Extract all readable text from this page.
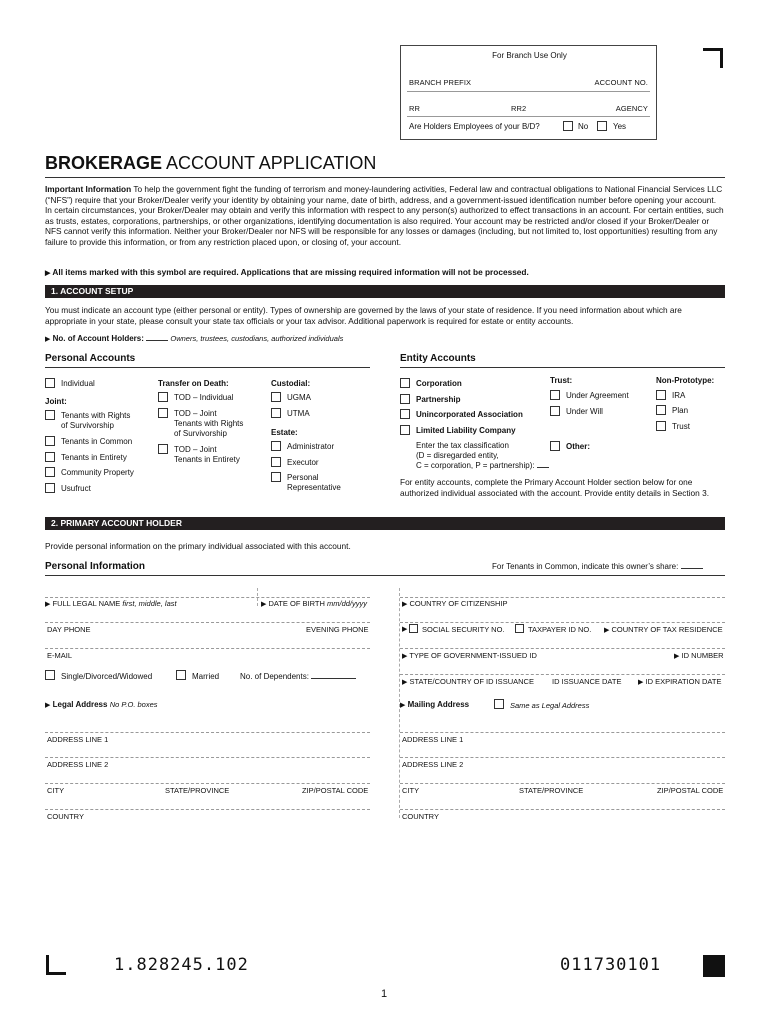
For Branch Use Only
BRANCH PREFIX	ACCOUNT NO.
RR	RR2	AGENCY
Are Holders Employees of your B/D?	No	Yes
BROKERAGE ACCOUNT APPLICATION
Important Information To help the government fight the funding of terrorism and money-laundering activities, Federal law and contractual obligations to National Financial Services LLC (“NFS”) require that your Broker/Dealer verify your identity by obtaining your name, date of birth, address, and a government-issued identification number before opening your account. In certain circumstances, your Broker/Dealer may obtain and verify this information with respect to any person(s) authorized to effect transactions in an account. For certain entities, such as trusts, estates, corporations, partnerships, or other organizations, identifying documentation is also required. Your account may be restricted and/or closed if your Broker/Dealer or NFS cannot verify this information. Neither your Broker/Dealer nor NFS will be responsible for any losses or damages (including, but not limited to, lost opportunities) resulting from any failure to provide this information, or from any restriction placed upon, or closing of, your account.
▶ All items marked with this symbol are required. Applications that are missing required information will not be processed.
1. ACCOUNT SETUP
You must indicate an account type (either personal or entity). Types of ownership are governed by the laws of your state of residence. If you need information about which are appropriate in your state, please consult your state tax officials or your tax advisor. Additional paperwork is required for estate or entity accounts.
▶ No. of Account Holders:	Owners, trustees, custodians, authorized individuals
Personal Accounts	Entity Accounts
Individual
Joint:
Tenants with Rights
of Survivorship
Tenants in Common
Tenants in Entirety
Community Property
Usufruct
Transfer on Death:
TOD – Individual
TOD – Joint
Tenants with Rights
of Survivorship
TOD – Joint
Tenants in Entirety
Custodial:
UGMA
UTMA
Estate:
Administrator
Executor
Personal
Representative
Corporation
Partnership
Unincorporated Association
Limited Liability Company
Enter the tax classification
(D = disregarded entity,
C = corporation, P = partnership):
Trust:
Under Agreement
Under Will
Other:
Non-Prototype:
IRA
Plan
Trust
For entity accounts, complete the Primary Account Holder section below for one authorized individual associated with the account. Provide entity details in Section 3.
2. PRIMARY ACCOUNT HOLDER
Provide personal information on the primary individual associated with this account.
Personal Information	For Tenants in Common, indicate this owner’s share:
▶ FULL LEGAL NAME first, middle, last	▶ DATE OF BIRTH mm/dd/yyyy
DAY PHONE	EVENING PHONE
E-MAIL
Single/Divorced/Widowed	Married	No. of Dependents:
▶ Legal Address No P.O. boxes
ADDRESS LINE 1
ADDRESS LINE 2
CITY	STATE/PROVINCE	ZIP/POSTAL CODE
COUNTRY
▶ COUNTRY OF CITIZENSHIP
▶ SOCIAL SECURITY NO.	TAXPAYER ID NO. ▶ COUNTRY OF TAX RESIDENCE
▶ TYPE OF GOVERNMENT-ISSUED ID	▶ ID NUMBER
▶ STATE/COUNTRY OF ID ISSUANCE ID ISSUANCE DATE ▶ ID EXPIRATION DATE
▶ Mailing Address	Same as Legal Address
ADDRESS LINE 1
ADDRESS LINE 2
CITY	STATE/PROVINCE	ZIP/POSTAL CODE
COUNTRY
1.828245.102	011730101
1
